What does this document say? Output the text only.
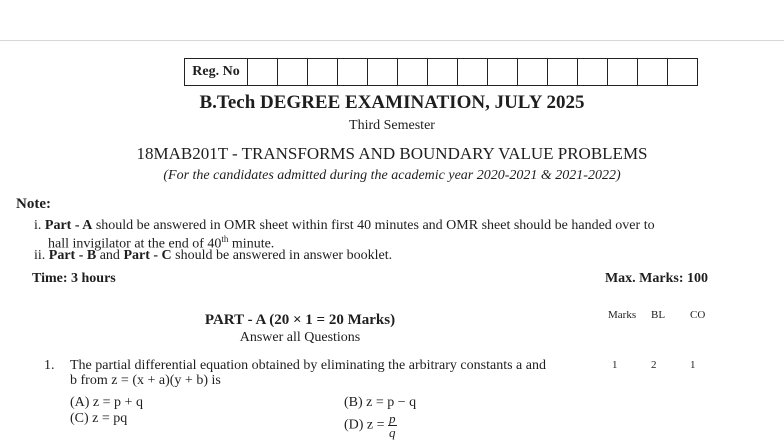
Reg. No															
B.Tech DEGREE EXAMINATION, JULY 2025
Third Semester
18MAB201T - TRANSFORMS AND BOUNDARY VALUE PROBLEMS
(For the candidates admitted during the academic year 2020-2021 & 2021-2022)
Note:
i. Part - A should be answered in OMR sheet within first 40 minutes and OMR sheet should be handed over to
hall invigilator at the end of 40th minute.
ii. Part - B and Part - C should be answered in answer booklet.
Time: 3 hours	Max. Marks: 100
PART - A (20 × 1 = 20 Marks)
Answer all Questions
Marks BL CO
1. The partial differential equation obtained by eliminating the arbitrary constants a and
b from z = (x + a)(y + b) is
1	2	1
(A) z = p + q
(C) z = pq
(B) z = p − q
(D) $z = \frac{p}{q}$
